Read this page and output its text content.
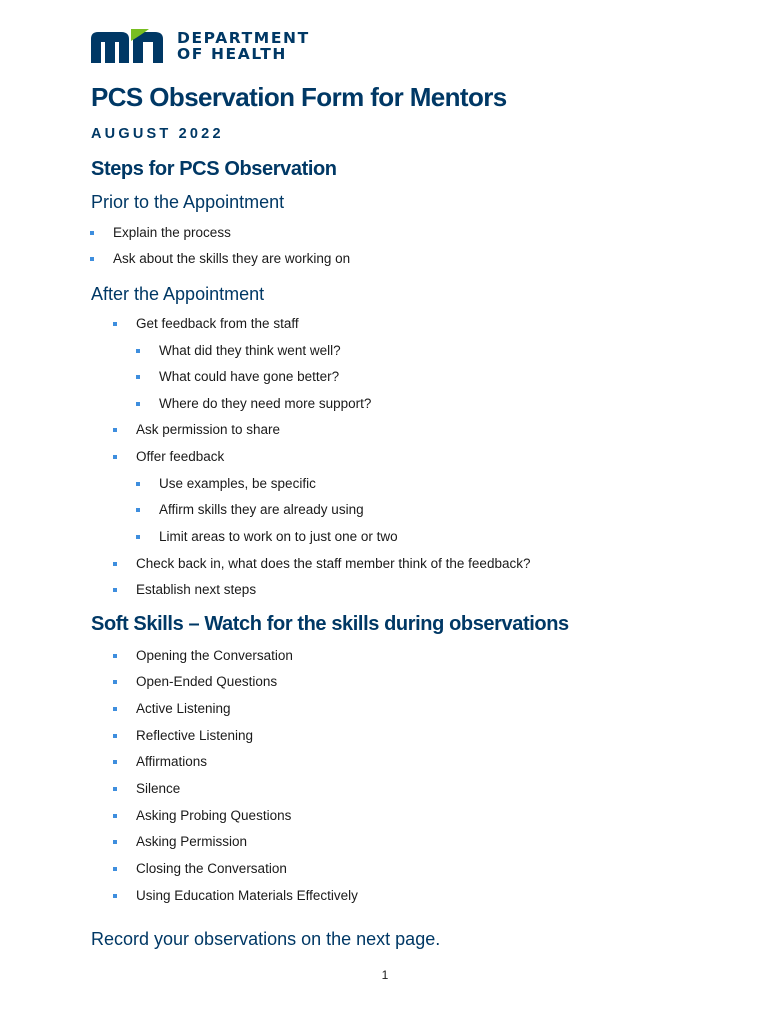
DEPARTMENT
OF HEALTH
PCS Observation Form for Mentors

AUGUST 2022

Steps for PCS Observation
Prior to the Appointment
Explain the process
Ask about the skills they are working on
After the Appointment
Get feedback from the staff
What did they think went well?
What could have gone better?
Where do they need more support?
Ask permission to share
Offer feedback
Use examples, be specific
Affirm skills they are already using
Limit areas to work on to just one or two
Check back in, what does the staff member think of the feedback?
Establish next steps
Soft Skills – Watch for the skills during observations
Opening the Conversation
Open-Ended Questions
Active Listening
Reflective Listening
Affirmations
Silence
Asking Probing Questions
Asking Permission
Closing the Conversation
Using Education Materials Effectively

Record your observations on the next page.

1
